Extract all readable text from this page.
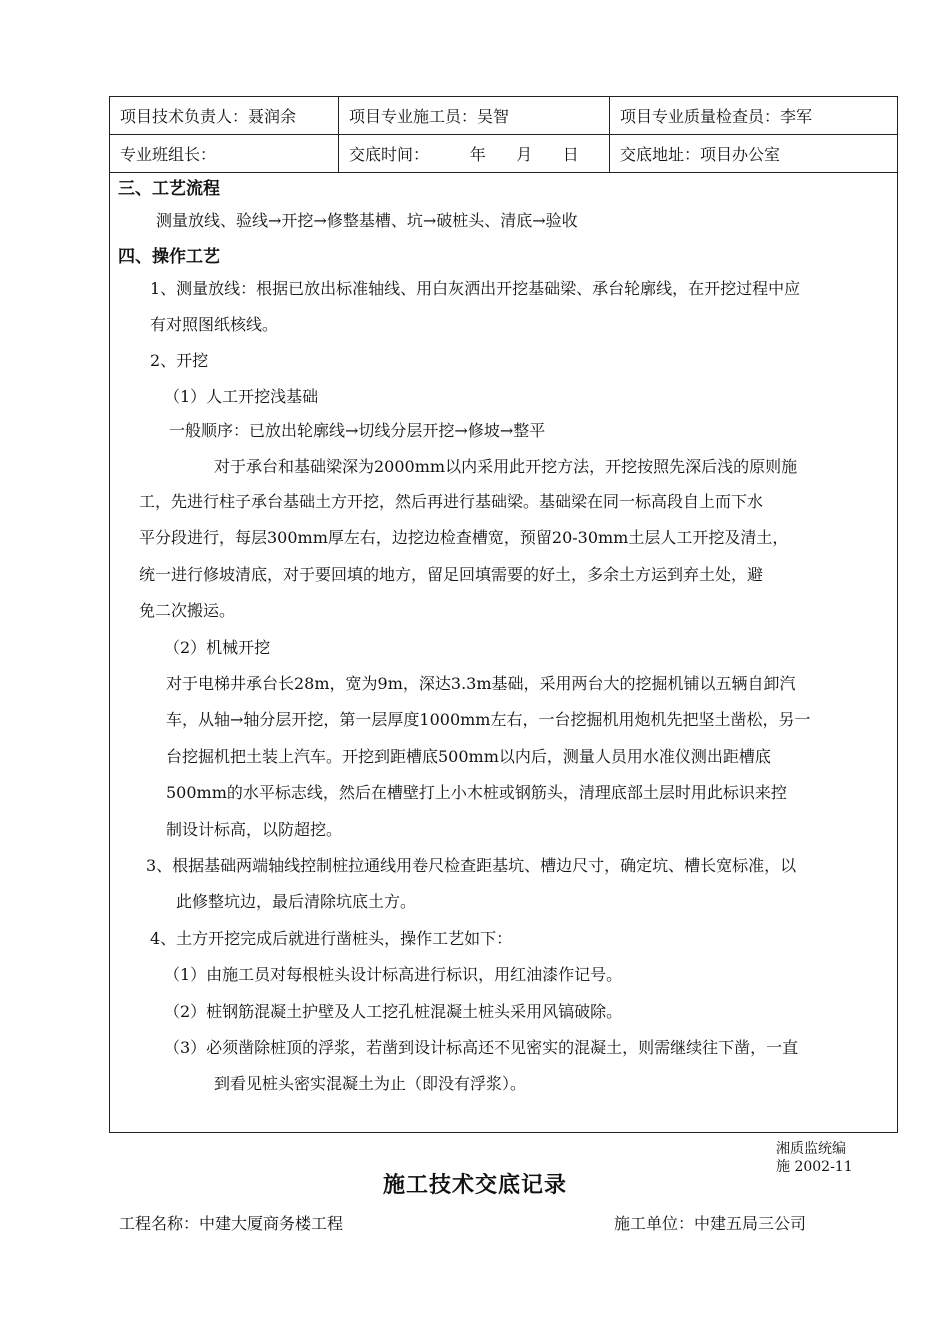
项目技术负责人：聂润余	项目专业施工员：吴智	项目专业质量检查员：李军
专业班组长：	交底时间：        年      月      日	交底地址：项目办公室
三、工艺流程
测量放线、验线→开挖→修整基槽、坑→破桩头、清底→验收
四、操作工艺
1、测量放线：根据已放出标准轴线、用白灰洒出开挖基础梁、承台轮廓线，在开挖过程中应
有对照图纸核线。
2、开挖
（1）人工开挖浅基础
一般顺序：已放出轮廓线→切线分层开挖→修坡→整平
对于承台和基础梁深为2000mm以内采用此开挖方法，开挖按照先深后浅的原则施
工，先进行柱子承台基础土方开挖，然后再进行基础梁。基础梁在同一标高段自上而下水
平分段进行，每层300mm厚左右，边挖边检查槽宽，预留20-30mm土层人工开挖及清土，
统一进行修坡清底，对于要回填的地方，留足回填需要的好土，多余土方运到弃土处，避
免二次搬运。
（2）机械开挖
对于电梯井承台长28m，宽为9m，深达3.3m基础，采用两台大的挖掘机铺以五辆自卸汽
车，从轴→轴分层开挖，第一层厚度1000mm左右，一台挖掘机用炮机先把坚土凿松，另一
台挖掘机把土装上汽车。开挖到距槽底500mm以内后，测量人员用水准仪测出距槽底
500mm的水平标志线，然后在槽壁打上小木桩或钢筋头，清理底部土层时用此标识来控
制设计标高，以防超挖。
3、根据基础两端轴线控制桩拉通线用卷尺检查距基坑、槽边尺寸，确定坑、槽长宽标准，以
此修整坑边，最后清除坑底土方。
4、土方开挖完成后就进行凿桩头，操作工艺如下：
（1）由施工员对每根桩头设计标高进行标识，用红油漆作记号。
（2）桩钢筋混凝土护壁及人工挖孔桩混凝土桩头采用风镐破除。
（3）必须凿除桩顶的浮浆，若凿到设计标高还不见密实的混凝土，则需继续往下凿，一直
到看见桩头密实混凝土为止（即没有浮浆）。
湘质监统编
施 2002-11
施工技术交底记录
工程名称：中建大厦商务楼工程	施工单位：中建五局三公司
